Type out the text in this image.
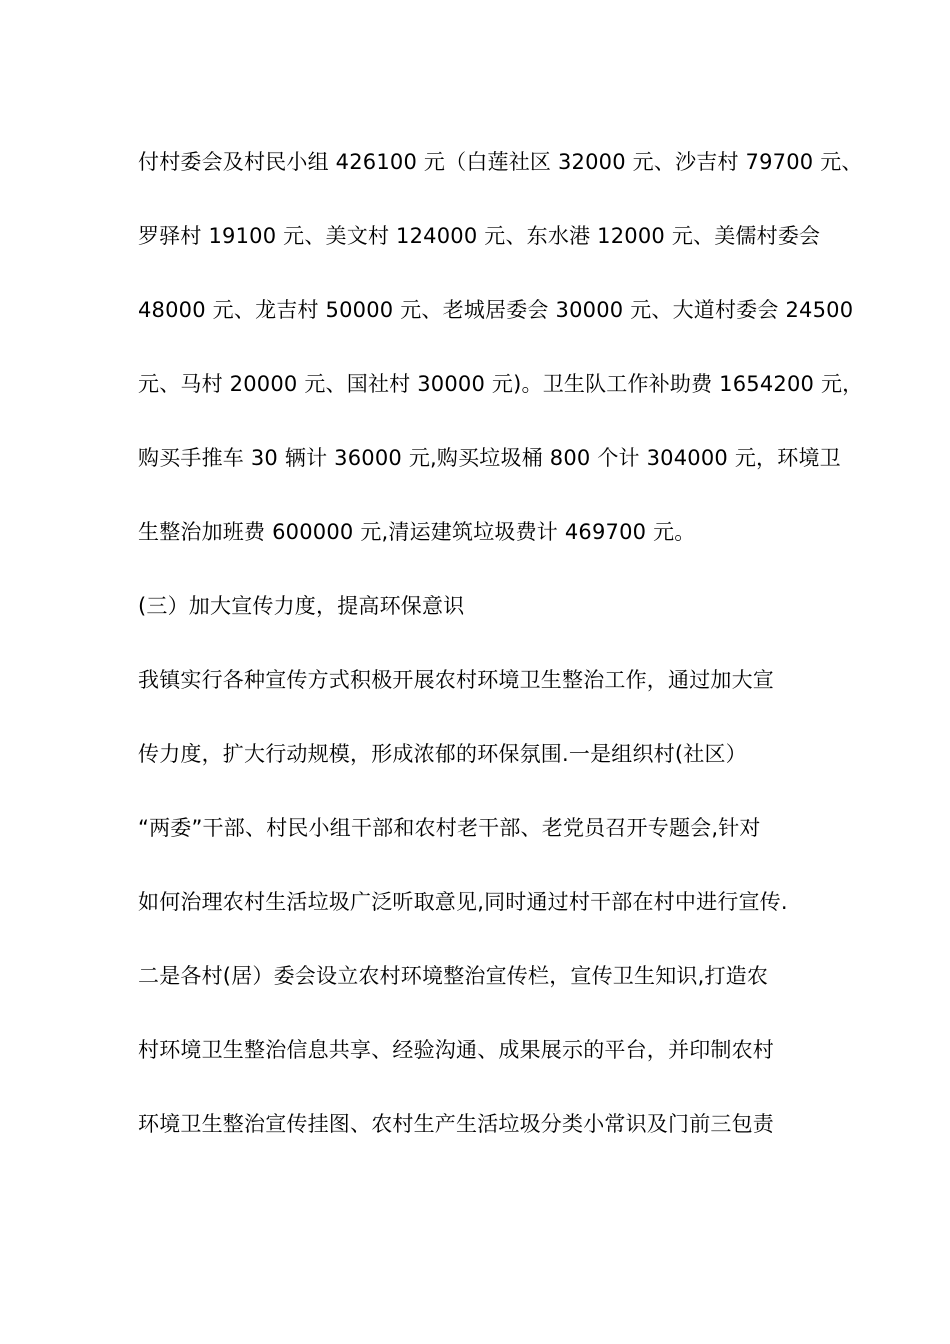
付村委会及村民小组 426100 元（白莲社区 32000 元、沙吉村 79700 元、
罗驿村 19100 元、美文村 124000 元、东水港 12000 元、美儒村委会
48000 元、龙吉村 50000 元、老城居委会 30000 元、大道村委会 24500
元、马村 20000 元、国社村 30000 元)。卫生队工作补助费 1654200 元，
购买手推车 30 辆计 36000 元,购买垃圾桶 800 个计 304000 元，环境卫
生整治加班费 600000 元,清运建筑垃圾费计 469700 元。
(三）加大宣传力度，提高环保意识
我镇实行各种宣传方式积极开展农村环境卫生整治工作，通过加大宣
传力度，扩大行动规模，形成浓郁的环保氛围.一是组织村(社区）
“两委”干部、村民小组干部和农村老干部、老党员召开专题会,针对
如何治理农村生活垃圾广泛听取意见,同时通过村干部在村中进行宣传.
二是各村(居）委会设立农村环境整治宣传栏，宣传卫生知识,打造农
村环境卫生整治信息共享、经验沟通、成果展示的平台，并印制农村
环境卫生整治宣传挂图、农村生产生活垃圾分类小常识及门前三包责
